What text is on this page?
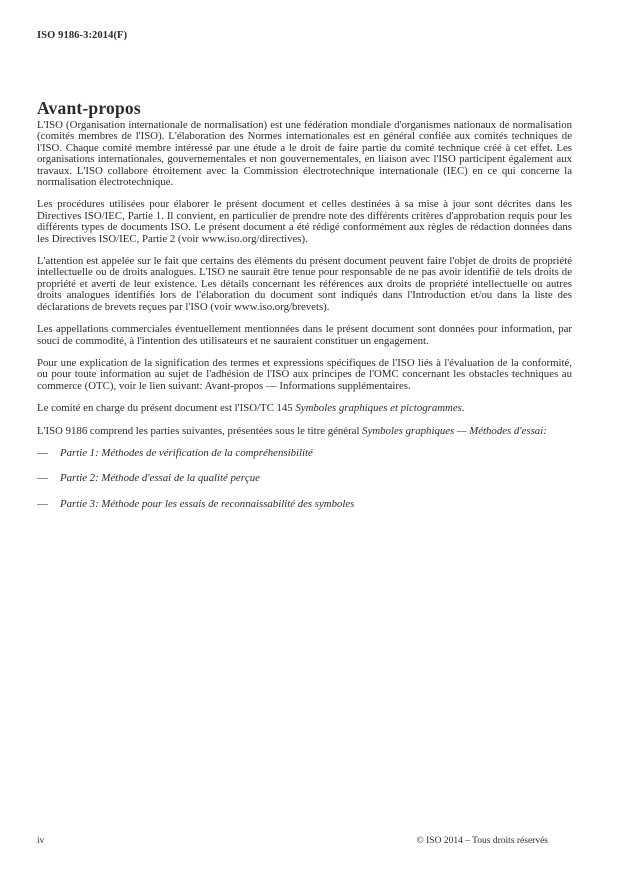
ISO 9186-3:2014(F)
Avant-propos

L'ISO (Organisation internationale de normalisation) est une fédération mondiale d'organismes nationaux de normalisation (comités membres de l'ISO). L'élaboration des Normes internationales est en général confiée aux comités techniques de l'ISO. Chaque comité membre intéressé par une étude a le droit de faire partie du comité technique créé à cet effet. Les organisations internationales, gouvernementales et non gouvernementales, en liaison avec l'ISO participent également aux travaux. L'ISO collabore étroitement avec la Commission électrotechnique internationale (IEC) en ce qui concerne la normalisation électrotechnique.

Les procédures utilisées pour élaborer le présent document et celles destinées à sa mise à jour sont décrites dans les Directives ISO/IEC, Partie 1. Il convient, en particulier de prendre note des différents critères d'approbation requis pour les différents types de documents ISO. Le présent document a été rédigé conformément aux règles de rédaction données dans les Directives ISO/IEC, Partie 2 (voir www.iso.org/directives).

L'attention est appelée sur le fait que certains des éléments du présent document peuvent faire l'objet de droits de propriété intellectuelle ou de droits analogues. L'ISO ne saurait être tenue pour responsable de ne pas avoir identifié de tels droits de propriété et averti de leur existence. Les détails concernant les références aux droits de propriété intellectuelle ou autres droits analogues identifiés lors de l'élaboration du document sont indiqués dans l'Introduction et/ou dans la liste des déclarations de brevets reçues par l'ISO (voir www.iso.org/brevets).

Les appellations commerciales éventuellement mentionnées dans le présent document sont données pour information, par souci de commodité, à l'intention des utilisateurs et ne sauraient constituer un engagement.

Pour une explication de la signification des termes et expressions spécifiques de l'ISO liés à l'évaluation de la conformité, ou pour toute information au sujet de l'adhésion de l'ISO aux principes de l'OMC concernant les obstacles techniques au commerce (OTC), voir le lien suivant: Avant-propos — Informations supplémentaires.

Le comité en charge du présent document est l'ISO/TC 145 Symboles graphiques et pictogrammes.

L'ISO 9186 comprend les parties suivantes, présentées sous le titre général Symboles graphiques — Méthodes d'essai:

—	Partie 1: Méthodes de vérification de la compréhensibilité
—	Partie 2: Méthode d'essai de la qualité perçue
—	Partie 3: Méthode pour les essais de reconnaissabilité des symboles
iv	© ISO 2014 – Tous droits réservés
